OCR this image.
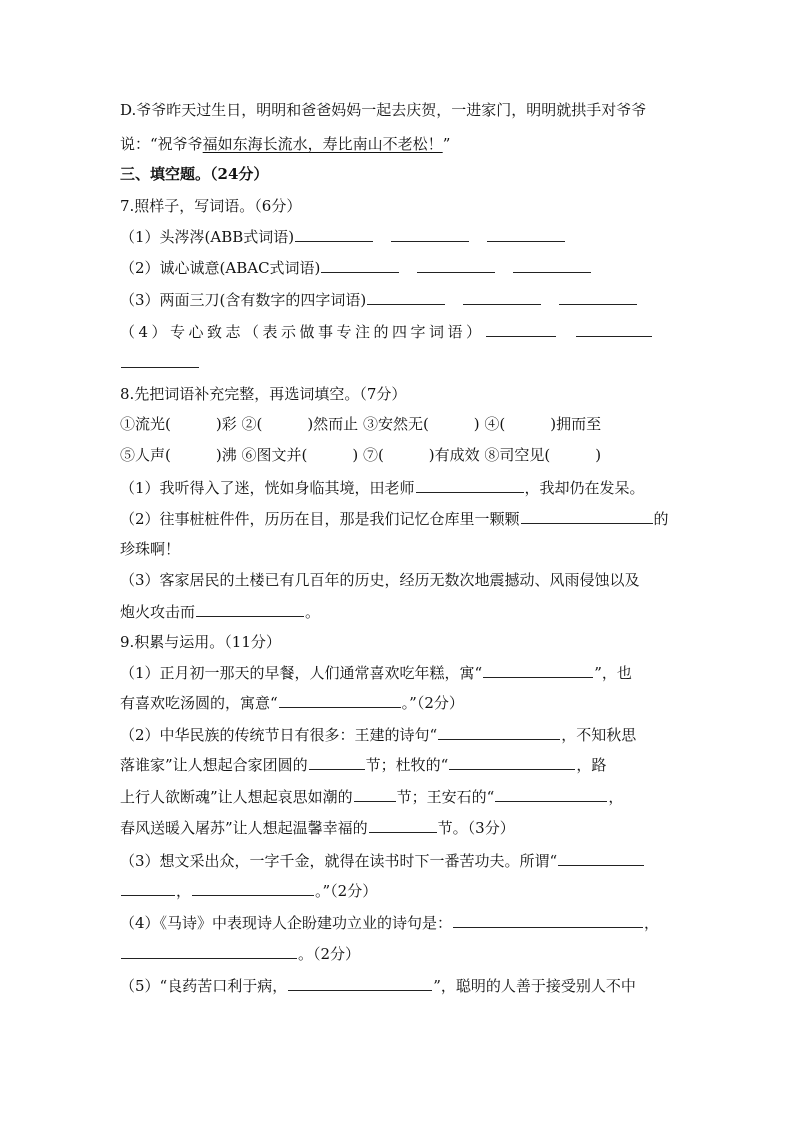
D.爷爷昨天过生日，明明和爸爸妈妈一起去庆贺，一进家门，明明就拱手对爷爷
说：“祝爷爷福如东海长流水，寿比南山不老松！”
三、填空题。（24分）
7.照样子，写词语。（6分）
（1）头涔涔(ABB式词语)
（2）诚心诚意(ABAC式词语)
（3）两面三刀(含有数字的四字词语)
（4）专心致志（表示做事专注的四字词语）
8.先把词语补充完整，再选词填空。（7分）
①流光(　　　)彩 ②(　　　)然而止 ③安然无(　　　) ④(　　　)拥而至
⑤人声(　　　)沸 ⑥图文并(　　　) ⑦(　　　)有成效 ⑧司空见(　　　)
（1）我听得入了迷，恍如身临其境，田老师	，我却仍在发呆。
（2）往事桩桩件件，历历在目，那是我们记忆仓库里一颗颗	的
珍珠啊！
（3）客家居民的土楼已有几百年的历史，经历无数次地震撼动、风雨侵蚀以及
炮火攻击而	。
9.积累与运用。（11分）
（1）正月初一那天的早餐，人们通常喜欢吃年糕，寓“	”，也
有喜欢吃汤圆的，寓意“	。”（2分）
（2）中华民族的传统节日有很多：王建的诗句“	，不知秋思
落谁家”让人想起合家团圆的	节；杜牧的“	，路
上行人欲断魂”让人想起哀思如潮的	节；王安石的“	，
春风送暖入屠苏”让人想起温馨幸福的	节。（3分）
（3）想文采出众，一字千金，就得在读书时下一番苦功夫。所谓“
，	。”（2分）
（4）《马诗》中表现诗人企盼建功立业的诗句是：	，
。（2分）
（5）“良药苦口利于病，	”，聪明的人善于接受别人不中
